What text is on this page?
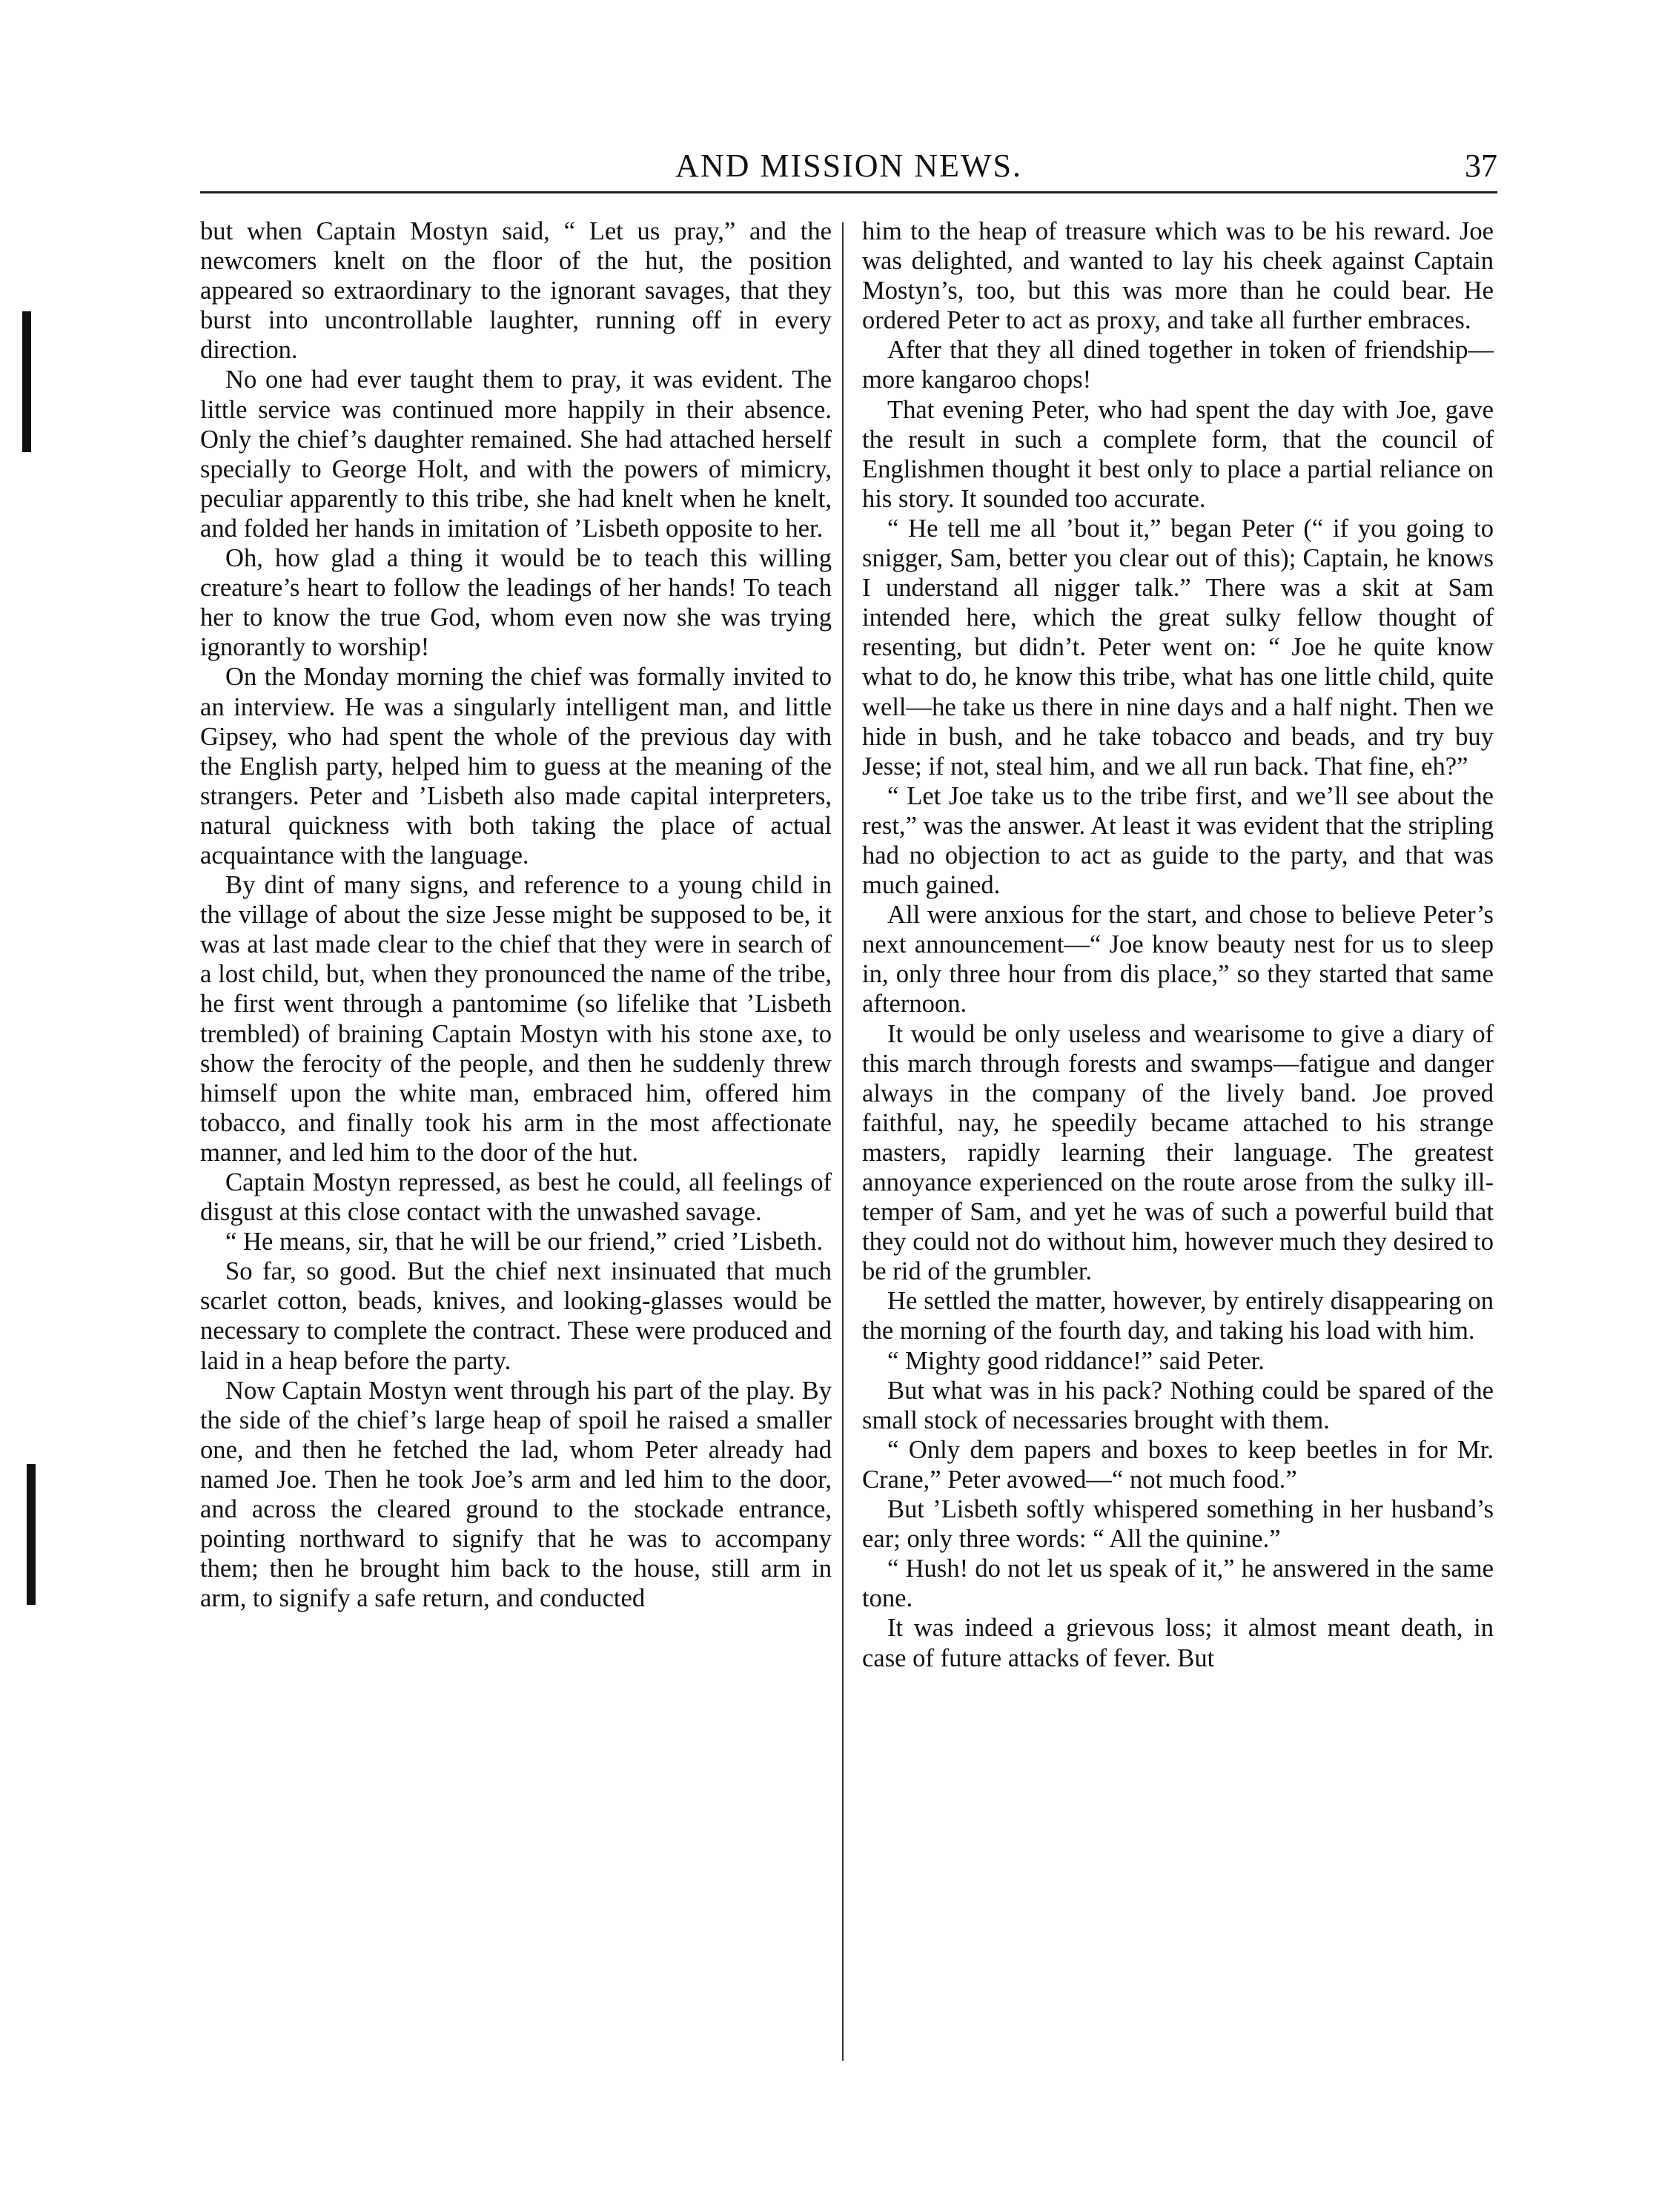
AND MISSION NEWS.	37

but when Captain Mostyn said, “ Let us pray,” and the newcomers knelt on the floor of the hut, the position appeared so extraordinary to the ignorant savages, that they burst into uncontrollable laughter, running off in every direction.

No one had ever taught them to pray, it was evident. The little service was continued more happily in their absence. Only the chief’s daughter remained. She had attached herself specially to George Holt, and with the powers of mimicry, peculiar apparently to this tribe, she had knelt when he knelt, and folded her hands in imitation of ’Lisbeth opposite to her.

Oh, how glad a thing it would be to teach this willing creature’s heart to follow the leadings of her hands! To teach her to know the true God, whom even now she was trying ignorantly to worship!

On the Monday morning the chief was formally invited to an interview. He was a singularly intelligent man, and little Gipsey, who had spent the whole of the previous day with the English party, helped him to guess at the meaning of the strangers. Peter and ’Lisbeth also made capital interpreters, natural quickness with both taking the place of actual acquaintance with the language.

By dint of many signs, and reference to a young child in the village of about the size Jesse might be supposed to be, it was at last made clear to the chief that they were in search of a lost child, but, when they pronounced the name of the tribe, he first went through a pantomime (so lifelike that ’Lisbeth trembled) of braining Captain Mostyn with his stone axe, to show the ferocity of the people, and then he suddenly threw himself upon the white man, embraced him, offered him tobacco, and finally took his arm in the most affectionate manner, and led him to the door of the hut.

Captain Mostyn repressed, as best he could, all feelings of disgust at this close contact with the unwashed savage.

“ He means, sir, that he will be our friend,” cried ’Lisbeth.

So far, so good. But the chief next insinuated that much scarlet cotton, beads, knives, and looking-glasses would be necessary to complete the contract. These were produced and laid in a heap before the party.

Now Captain Mostyn went through his part of the play. By the side of the chief’s large heap of spoil he raised a smaller one, and then he fetched the lad, whom Peter already had named Joe. Then he took Joe’s arm and led him to the door, and across the cleared ground to the stockade entrance, pointing northward to signify that he was to accompany them; then he brought him back to the house, still arm in arm, to signify a safe return, and conducted

him to the heap of treasure which was to be his reward. Joe was delighted, and wanted to lay his cheek against Captain Mostyn’s, too, but this was more than he could bear. He ordered Peter to act as proxy, and take all further embraces.

After that they all dined together in token of friendship—more kangaroo chops!

That evening Peter, who had spent the day with Joe, gave the result in such a complete form, that the council of Englishmen thought it best only to place a partial reliance on his story. It sounded too accurate.

“ He tell me all ’bout it,” began Peter (“ if you going to snigger, Sam, better you clear out of this); Captain, he knows I understand all nigger talk.” There was a skit at Sam intended here, which the great sulky fellow thought of resenting, but didn’t. Peter went on: “ Joe he quite know what to do, he know this tribe, what has one little child, quite well—he take us there in nine days and a half night. Then we hide in bush, and he take tobacco and beads, and try buy Jesse; if not, steal him, and we all run back. That fine, eh?”

“ Let Joe take us to the tribe first, and we’ll see about the rest,” was the answer. At least it was evident that the stripling had no objection to act as guide to the party, and that was much gained.

All were anxious for the start, and chose to believe Peter’s next announcement—“ Joe know beauty nest for us to sleep in, only three hour from dis place,” so they started that same afternoon.

It would be only useless and wearisome to give a diary of this march through forests and swamps—fatigue and danger always in the company of the lively band. Joe proved faithful, nay, he speedily became attached to his strange masters, rapidly learning their language. The greatest annoyance experienced on the route arose from the sulky ill-temper of Sam, and yet he was of such a powerful build that they could not do without him, however much they desired to be rid of the grumbler.

He settled the matter, however, by entirely disappearing on the morning of the fourth day, and taking his load with him.

“ Mighty good riddance!” said Peter.

But what was in his pack? Nothing could be spared of the small stock of necessaries brought with them.

“ Only dem papers and boxes to keep beetles in for Mr. Crane,” Peter avowed—“ not much food.”

But ’Lisbeth softly whispered something in her husband’s ear; only three words: “ All the quinine.”

“ Hush! do not let us speak of it,” he answered in the same tone.

It was indeed a grievous loss; it almost meant death, in case of future attacks of fever. But
